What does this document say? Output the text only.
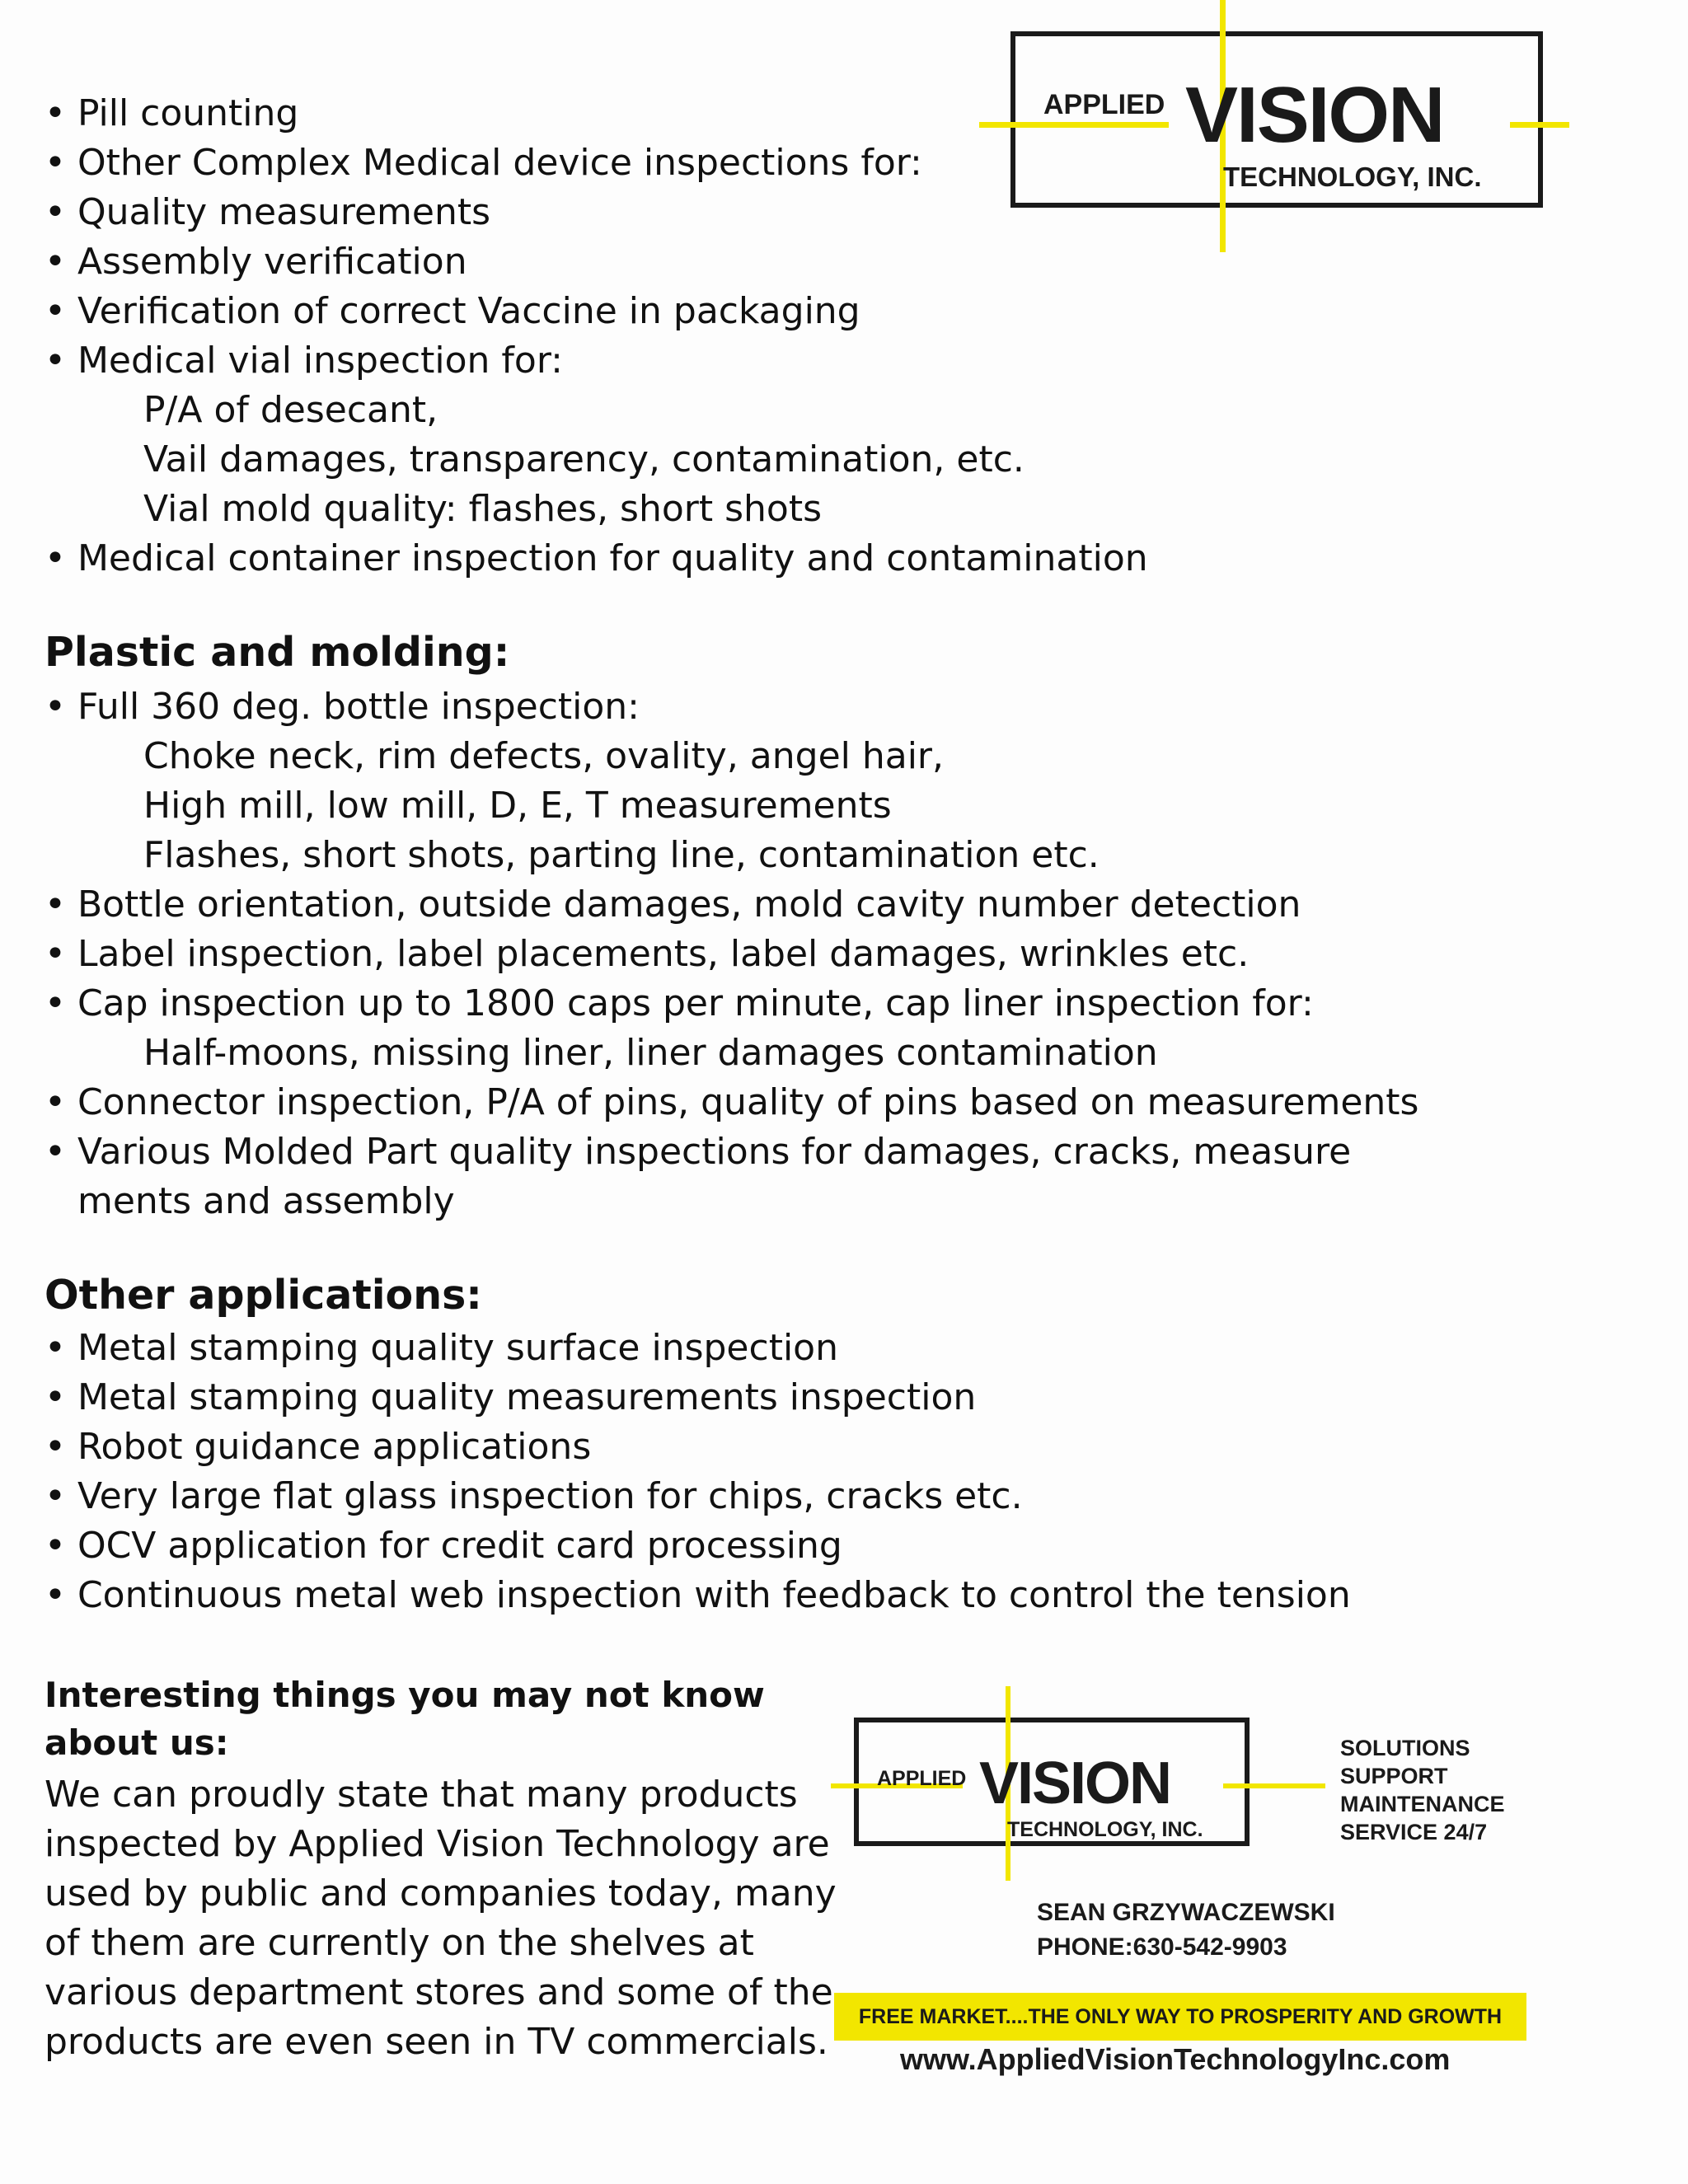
APPLIED VISION
TECHNOLOGY, INC.
• Pill counting
• Other Complex Medical device inspections for:
• Quality measurements
• Assembly verification
• Verification of correct Vaccine in packaging
• Medical vial inspection for:
P/A of desecant,
Vail damages, transparency, contamination, etc.
Vial mold quality: flashes, short shots
• Medical container inspection for quality and contamination
Plastic and molding:
• Full 360 deg. bottle inspection:
Choke neck, rim defects, ovality, angel hair,
High mill, low mill, D, E, T measurements
Flashes, short shots, parting line, contamination etc.
• Bottle orientation, outside damages, mold cavity number detection
• Label inspection, label placements, label damages, wrinkles etc.
• Cap inspection up to 1800 caps per minute, cap liner inspection for:
Half-moons, missing liner, liner damages contamination
• Connector inspection, P/A of pins, quality of pins based on measurements
• Various Molded Part quality inspections for damages, cracks, measure
ments and assembly
Other applications:
• Metal stamping quality surface inspection
• Metal stamping quality measurements inspection
• Robot guidance applications
• Very large flat glass inspection for chips, cracks etc.
• OCV application for credit card processing
• Continuous metal web inspection with feedback to control the tension
Interesting things you may not know about us:

We can proudly state that many products inspected by Applied Vision Technology are used by public and companies today, many of them are currently on the shelves at various department stores and some of the products are even seen in TV commercials.

APPLIED VISION
TECHNOLOGY, INC.
SOLUTIONS
SUPPORT
MAINTENANCE
SERVICE 24/7

SEAN GRZYWACZEWSKI

PHONE:630-542-9903

FREE MARKET....THE ONLY WAY TO PROSPERITY AND GROWTH

www.AppliedVisionTechnologyInc.com
